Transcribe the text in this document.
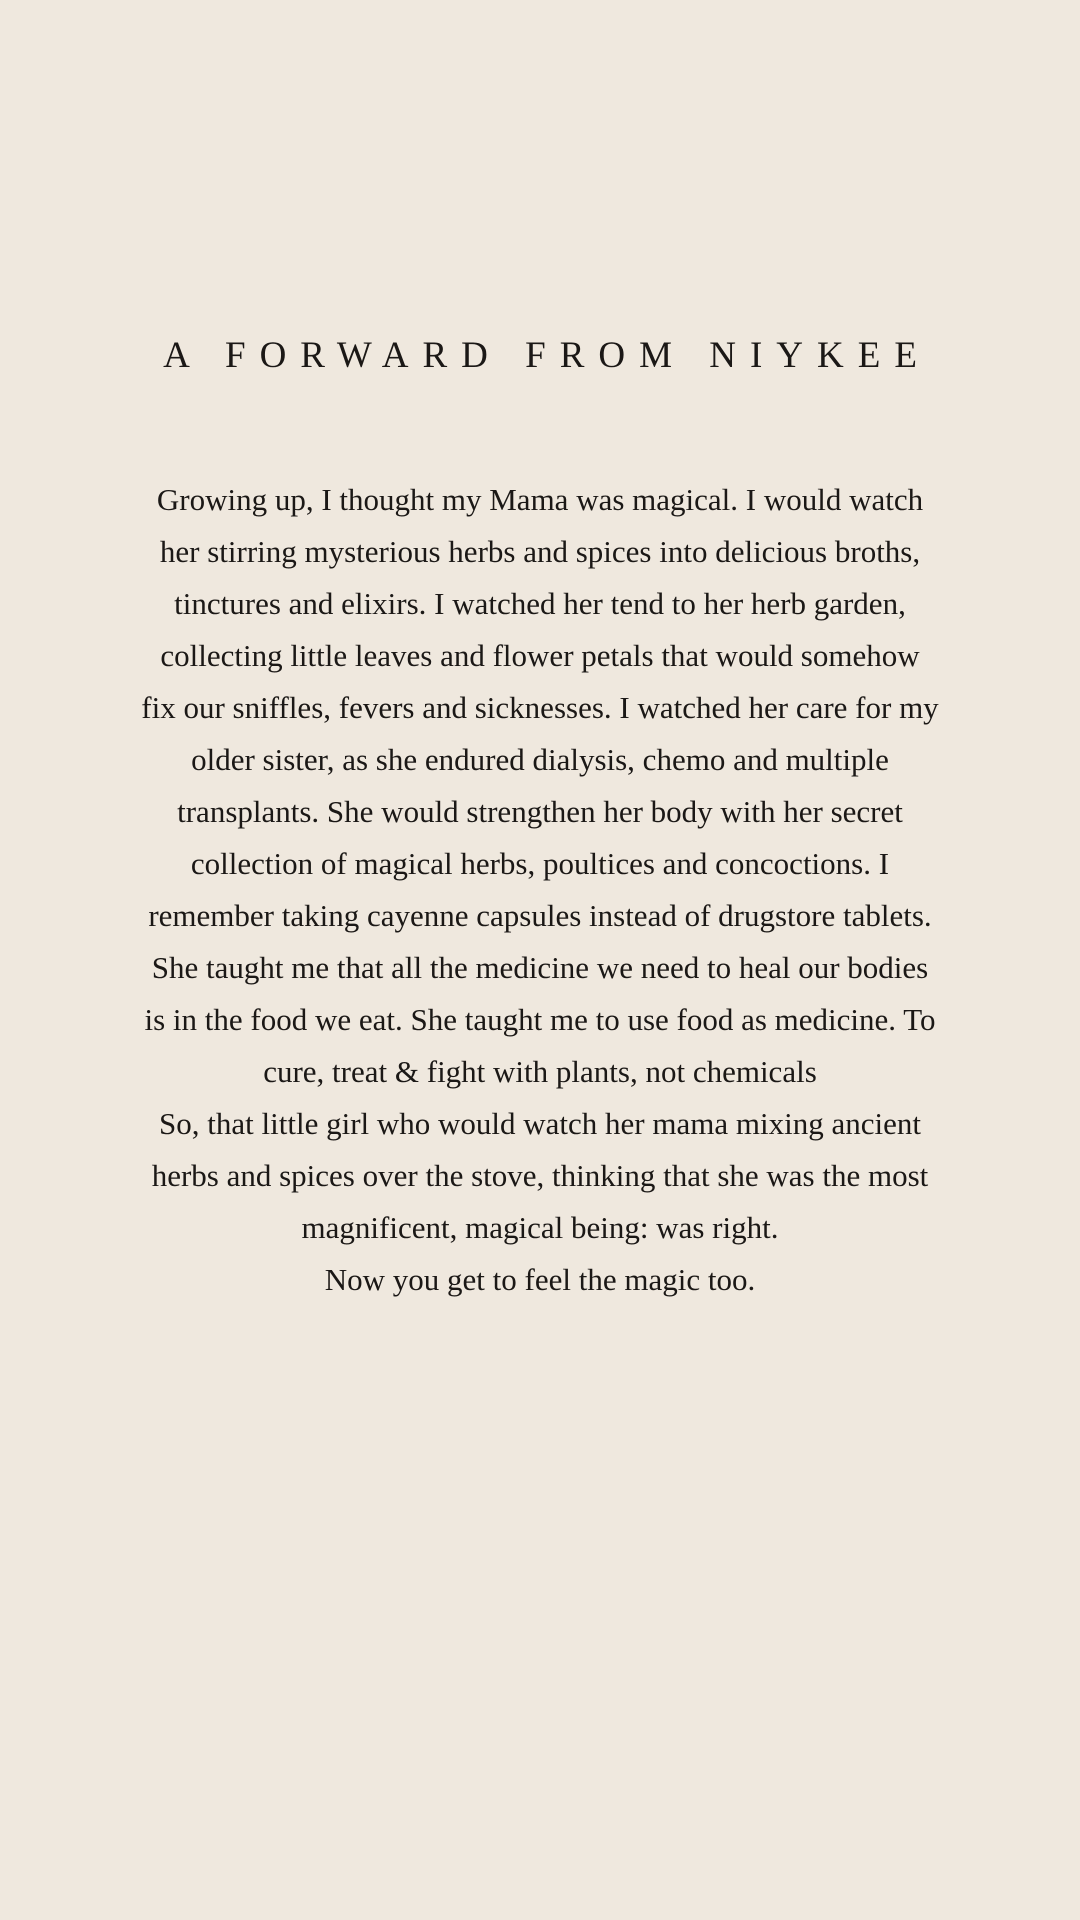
A FORWARD FROM NIYKEE

Growing up, I thought my Mama was magical. I would watch her stirring mysterious herbs and spices into delicious broths, tinctures and elixirs. I watched her tend to her herb garden, collecting little leaves and flower petals that would somehow fix our sniffles, fevers and sicknesses. I watched her care for my older sister, as she endured dialysis, chemo and multiple transplants. She would strengthen her body with her secret collection of magical herbs, poultices and concoctions. I remember taking cayenne capsules instead of drugstore tablets. She taught me that all the medicine we need to heal our bodies is in the food we eat. She taught me to use food as medicine. To cure, treat & fight with plants, not chemicals

So, that little girl who would watch her mama mixing ancient herbs and spices over the stove, thinking that she was the most magnificent, magical being: was right.

Now you get to feel the magic too.
